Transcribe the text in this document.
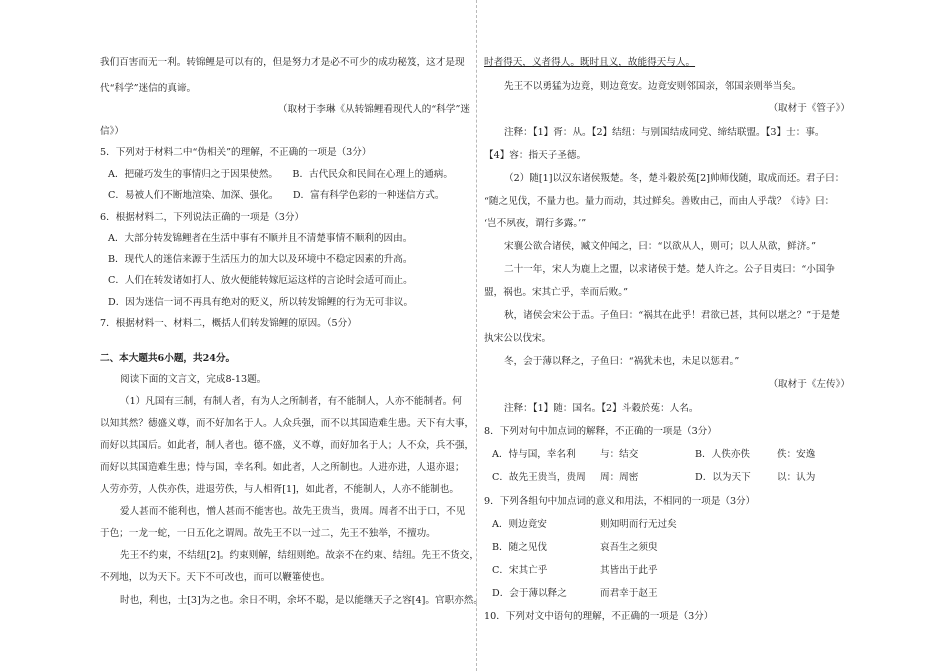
我们百害而无一利。转锦鲤是可以有的，但是努力才是必不可少的成功秘笈，这才是现
代“科学”迷信的真谛。
（取材于李琳《从转锦鲤看现代人的“科学”迷
信》）
5．下列对于材料二中“伪相关”的理解，不正确的一项是（3分）
A．把碰巧发生的事情归之于因果使然。　　B．古代民众和民间在心理上的通病。
C．易被人们不断地渲染、加深、强化。　　D．富有科学色彩的一种迷信方式。
6．根据材料二，下列说法正确的一项是（3分）
A．大部分转发锦鲤者在生活中事有不顺并且不清楚事情不顺利的因由。
B．现代人的迷信来源于生活压力的加大以及环境中不稳定因素的升高。
C．人们在转发诸如打人、放火便能转嫁厄运这样的言论时会适可而止。
D．因为迷信一词不再具有绝对的贬义，所以转发锦鲤的行为无可非议。
7．根据材料一、材料二，概括人们转发锦鲤的原因。（5分）
二、本大题共6小题，共24分。
阅读下面的文言文，完成8-13题。
（1）凡国有三制，有制人者，有为人之所制者，有不能制人，人亦不能制者。何
以知其然？德盛义尊，而不好加名于人。人众兵强，而不以其国造难生患。天下有大事，
而好以其国后。如此者，制人者也。德不盛，义不尊，而好加名于人；人不众，兵不强，
而好以其国造难生患；恃与国，幸名利。如此者，人之所制也。人进亦进，人退亦退；
人劳亦劳，人佚亦佚，进退劳佚，与人相胥[1]，如此者，不能制人，人亦不能制也。
爱人甚而不能利也，憎人甚而不能害也。故先王贵当，贵周。周者不出于口，不见
于色；一龙一蛇，一日五化之谓周。故先王不以一过二，先王不独举，不擅功。
先王不约束，不结纽[2]。约束则解，结纽则绝。故亲不在约束、结纽。先王不货交，
不列地，以为天下。天下不可改也，而可以鞭箠使也。
时也，利也，士[3]为之也。余日不明，余坏不聪，是以能继天子之容[4]。官职亦然。
时者得天，义者得人。既时且义，故能得天与人。
先王不以勇猛为边竟，则边竟安。边竟安则邻国亲，邻国亲则举当矣。
（取材于《管子》）
注释：【1】胥：从。【2】结纽：与别国结成同党、缔结联盟。【3】士：事。
【4】容：指天子圣德。
（2）随[1]以汉东诸侯叛楚。冬，楚斗穀於菟[2]帅师伐随，取成而还。君子曰：
“随之见伐，不量力也。量力而动，其过鲜矣。善败由己，而由人乎哉？《诗》曰：
‘岂不夙夜，谓行多露。’”
宋襄公欲合诸侯，臧文仲闻之，曰：“以欲从人，则可；以人从欲，鲜济。”
二十一年，宋人为鹿上之盟，以求诸侯于楚。楚人许之。公子目夷曰：“小国争
盟，祸也。宋其亡乎，幸而后败。”
秋，诸侯会宋公于盂。子鱼曰：“祸其在此乎！君欲已甚，其何以堪之？”于是楚
执宋公以伐宋。
冬，会于薄以释之，子鱼曰：“祸犹未也，未足以惩君。”
（取材于《左传》）
注释：【1】随：国名。【2】斗穀於菟：人名。
8．下列对句中加点词的解释，不正确的一项是（3分）
A．恃与国，幸名利	与：结交	B．人佚亦佚	佚：安逸
C．故先王贵当，贵周 周：周密	D．以为天下	以：认为
9．下列各组句中加点词的意义和用法，不相同的一项是（3分）
A．则边竟安	则知明而行无过矣
B．随之见伐	哀吾生之须臾
C．宋其亡乎	其皆出于此乎
D．会于薄以释之	而君幸于赵王
10．下列对文中语句的理解，不正确的一项是（3分）
